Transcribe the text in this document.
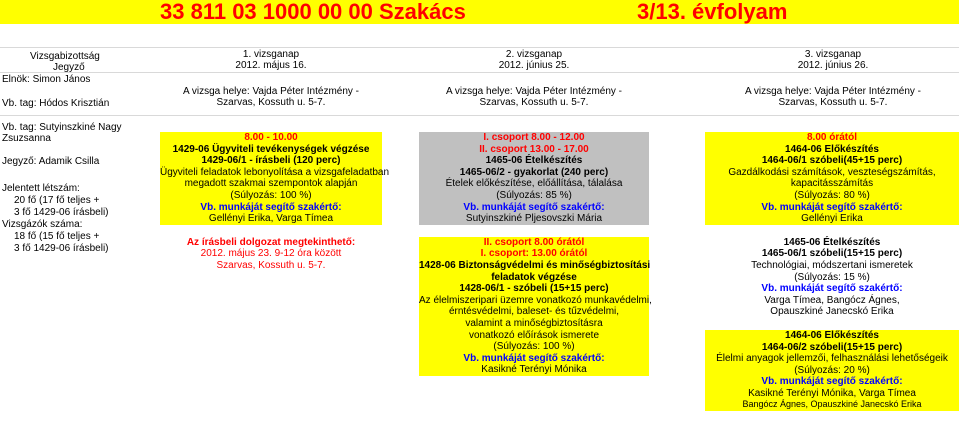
33 811 03 1000 00 00 Szakács	3/13. évfolyam
Vizsgabizottság
Jegyző
Elnök: Simon János
Vb. tag: Hódos Krisztián
Vb. tag: Sutyinszkiné Nagy
Zsuzsanna
Jegyző: Adamik Csilla
Jelentett létszám:
20 fő (17 fő teljes +
3 fő 1429-06 írásbeli)
Vizsgázók száma:
18 fő (15 fő teljes +
3 fő 1429-06 írásbeli)
1. vizsganap
2012. május 16.
2. vizsganap
2012. június 25.
3. vizsganap
2012. június 26.
A vizsga helye: Vajda Péter Intézmény -
Szarvas, Kossuth u. 5-7.
A vizsga helye: Vajda Péter Intézmény -
Szarvas, Kossuth u. 5-7.
A vizsga helye: Vajda Péter Intézmény -
Szarvas, Kossuth u. 5-7.
8.00 - 10.00
1429-06 Ügyviteli tevékenységek végzése
1429-06/1 - írásbeli (120 perc)
Ügyviteli feladatok lebonyolítása a vizsgafeladatban
megadott szakmai szempontok alapján
(Súlyozás: 100 %)
Vb. munkáját segítő szakértő:
Gellényi Erika, Varga Tímea
Az írásbeli dolgozat megtekinthető:
2012. május 23. 9-12 óra között
Szarvas, Kossuth u. 5-7.
I. csoport 8.00 - 12.00
II. csoport 13.00 - 17.00
1465-06 Ételkészítés
1465-06/2 - gyakorlat (240 perc)
Ételek előkészítése, előállítása, tálalása
(Súlyozás: 85 %)
Vb. munkáját segítő szakértő:
Sutyinszkiné Pljesovszki Mária
II. csoport 8.00 órától
I. csoport: 13.00 órától
1428-06 Biztonságvédelmi és minőségbiztosítási
feladatok végzése
1428-06/1 - szóbeli (15+15 perc)
Az élelmiszeripari üzemre vonatkozó munkavédelmi,
érntésvédelmi, baleset- és tűzvédelmi,
valamint a minőségbiztosításra
vonatkozó előírások ismerete
(Súlyozás: 100 %)
Vb. munkáját segítő szakértő:
Kasikné Terényi Mónika
8.00 órától
1464-06 Előkészítés
1464-06/1 szóbeli(45+15 perc)
Gazdálkodási számítások, veszteségszámítás,
kapacitásszámítás
(Súlyozás: 80 %)
Vb. munkáját segítő szakértő:
Gellényi Erika
1465-06 Ételkészítés
1465-06/1 szóbeli(15+15 perc)
Technológiai, módszertani ismeretek
(Súlyozás: 15 %)
Vb. munkáját segítő szakértő:
Varga Tímea, Bangócz Ágnes,
Opauszkiné Janecskó Erika
1464-06 Előkészítés
1464-06/2 szóbeli(15+15 perc)
Élelmi anyagok jellemzői, felhasználási lehetőségeik
(Súlyozás: 20 %)
Vb. munkáját segítő szakértő:
Kasikné Terényi Mónika, Varga Tímea
Bangócz Ágnes, Opauszkiné Janecskó Erika
